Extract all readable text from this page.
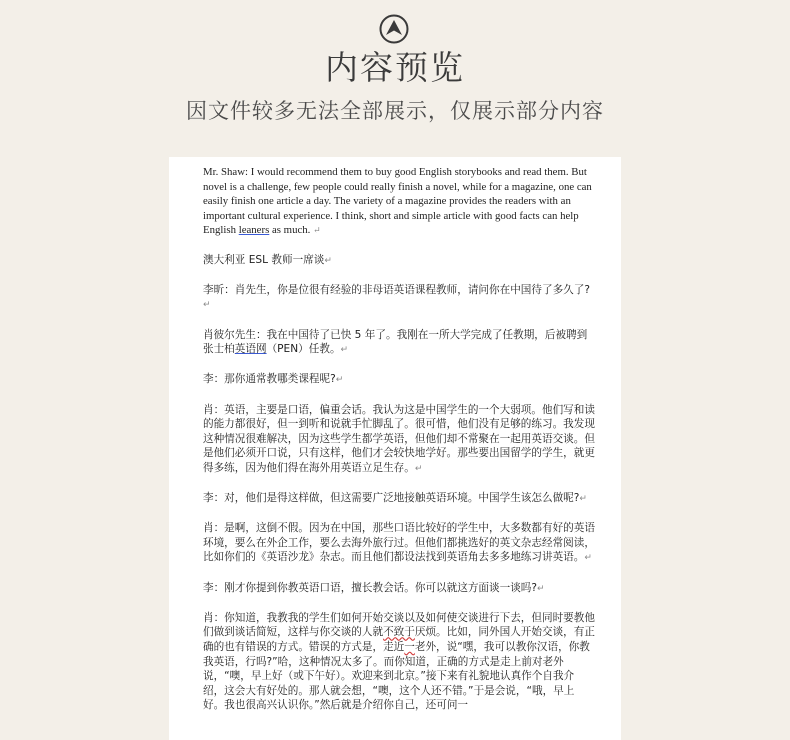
内容预览
因文件较多无法全部展示，仅展示部分内容

Mr. Shaw: I would recommend them to buy good English storybooks and read them. But novel is a challenge, few people could really finish a novel, while for a magazine, one can easily finish one article a day. The variety of a magazine provides the readers with an important cultural experience. I think, short and simple article with good facts can help English leaners as much. ↵

澳大利亚 ESL 教师一席谈↵

李昕：肖先生，你是位很有经验的非母语英语课程教师，请问你在中国待了多久了?↵

肖彼尔先生：我在中国待了已快 5 年了。我刚在一所大学完成了任教期，后被聘到张士柏英语网（PEN）任教。↵

李：那你通常教哪类课程呢?↵

肖：英语，主要是口语，偏重会话。我认为这是中国学生的一个大弱项。他们写和读的能力都很好，但一到听和说就手忙脚乱了。很可惜，他们没有足够的练习。我发现这种情况很难解决，因为这些学生都学英语，但他们却不常聚在一起用英语交谈。但是他们必须开口说，只有这样，他们才会较快地学好。那些要出国留学的学生，就更得多练，因为他们得在海外用英语立足生存。↵

李：对，他们是得这样做，但这需要广泛地接触英语环境。中国学生该怎么做呢?↵

肖：是啊，这倒不假。因为在中国，那些口语比较好的学生中，大多数都有好的英语环境，要么在外企工作，要么去海外旅行过。但他们都挑选好的英文杂志经常阅读，比如你们的《英语沙龙》杂志。而且他们都设法找到英语角去多多地练习讲英语。↵

李：刚才你提到你教英语口语，擅长教会话。你可以就这方面谈一谈吗?↵

肖：你知道，我教我的学生们如何开始交谈以及如何使交谈进行下去，但同时要教他们做到谈话简短，这样与你交谈的人就不致于厌烦。比如，同外国人开始交谈，有正确的也有错误的方式。错误的方式是，走近一老外，说“嘿，我可以教你汉语，你教我英语，行吗?”哈，这种情况太多了。而你知道，正确的方式是走上前对老外说，“噢，早上好（或下午好）。欢迎来到北京。”接下来有礼貌地认真作个自我介绍，这会大有好处的。那人就会想，“噢，这个人还不错。”于是会说，“哦，早上好。我也很高兴认识你。”然后就是介绍你自己，还可问一
